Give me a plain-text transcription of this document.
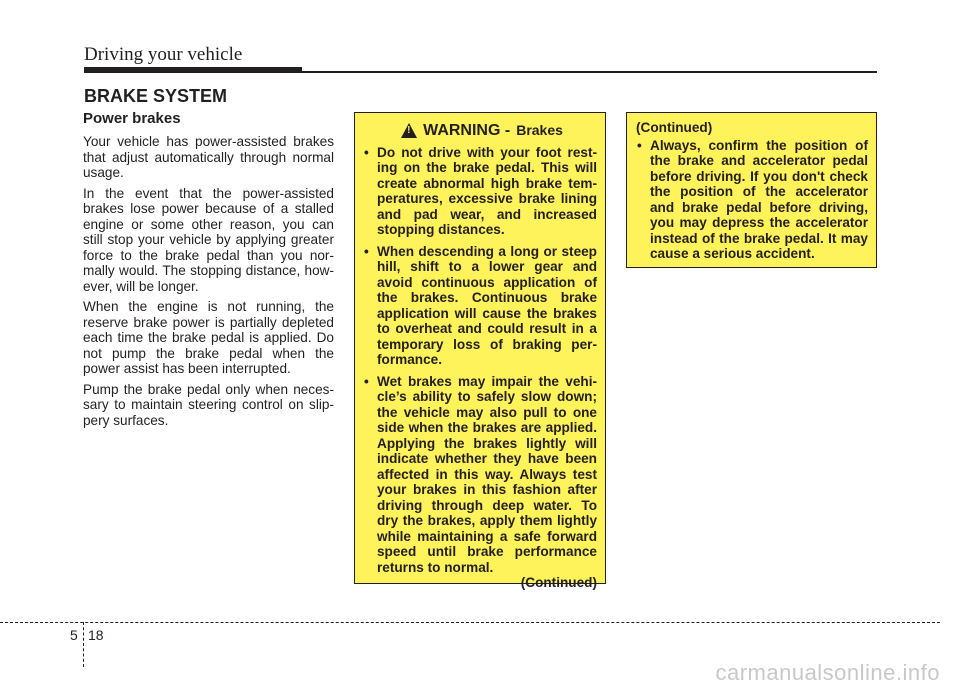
Driving your vehicle
BRAKE SYSTEM
Power brakes

Your vehicle has power-assisted brakes that adjust automatically through normal usage.

In the event that the power-assisted brakes lose power because of a stalled engine or some other reason, you can still stop your vehicle by applying greater force to the brake pedal than you nor-mally would. The stopping distance, how-ever, will be longer.

When the engine is not running, the reserve brake power is partially depleted each time the brake pedal is applied. Do not pump the brake pedal when the power assist has been interrupted.

Pump the brake pedal only when neces-sary to maintain steering control on slip-pery surfaces.

! WARNING - Brakes
• Do not drive with your foot rest-ing on the brake pedal. This will create abnormal high brake tem-peratures, excessive brake lining and pad wear, and increased stopping distances.
• When descending a long or steep hill, shift to a lower gear and avoid continuous application of the brakes. Continuous brake application will cause the brakes to overheat and could result in a temporary loss of braking per-formance.
• Wet brakes may impair the vehi-cle’s ability to safely slow down; the vehicle may also pull to one side when the brakes are applied. Applying the brakes lightly will indicate whether they have been affected in this way. Always test your brakes in this fashion after driving through deep water. To dry the brakes, apply them lightly while maintaining a safe forward speed until brake performance returns to normal.
(Continued)
(Continued)
• Always, confirm the position of the brake and accelerator pedal before driving. If you don't check the position of the accelerator and brake pedal before driving, you may depress the accelerator instead of the brake pedal. It may cause a serious accident.
5 18
carmanualsonline.info
